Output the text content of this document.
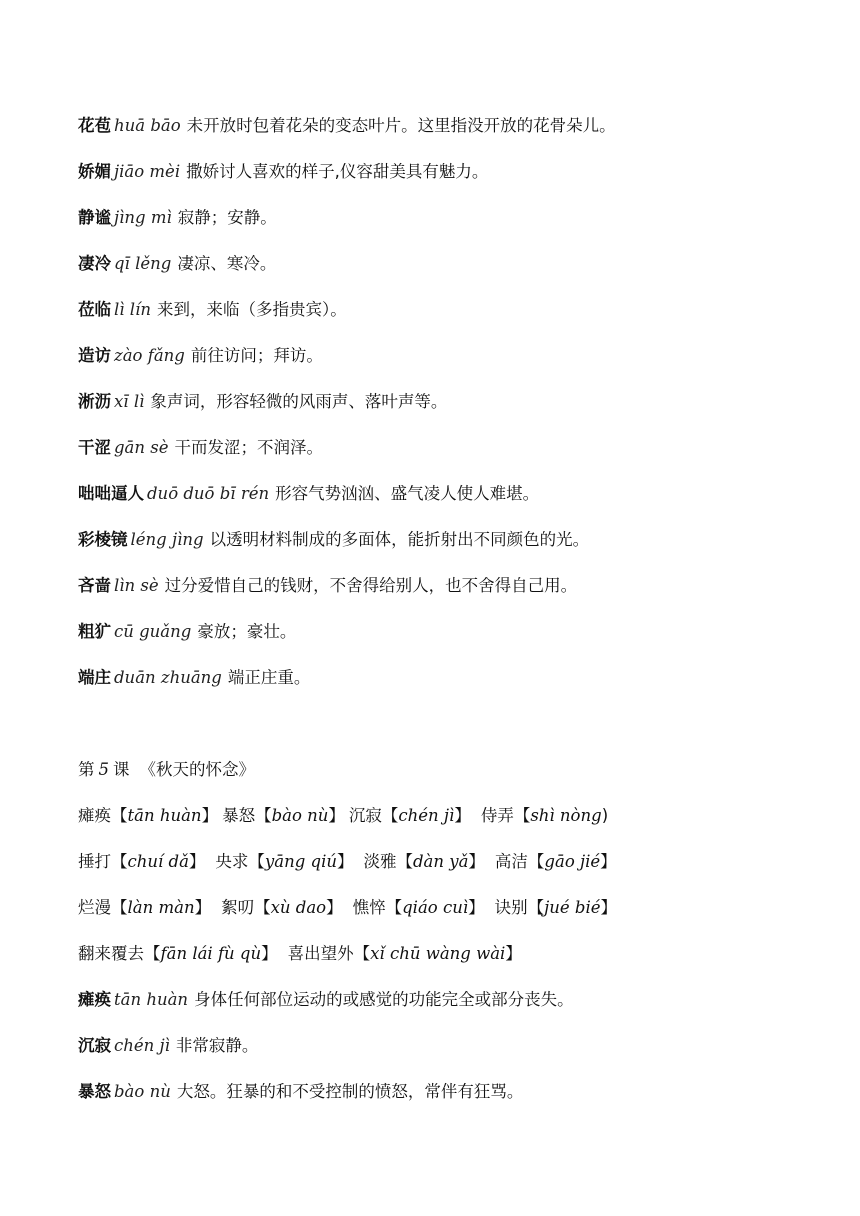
花苞 huā bāo 未开放时包着花朵的变态叶片。这里指没开放的花骨朵儿。
娇媚 jiāo mèi 撒娇讨人喜欢的样子,仪容甜美具有魅力。
静谧 jìng mì 寂静；安静。
凄冷 qī lěng 凄凉、寒冷。
莅临 lì lín 来到，来临（多指贵宾）。
造访 zào fǎng 前往访问；拜访。
淅沥 xī lì 象声词，形容轻微的风雨声、落叶声等。
干涩 gān sè 干而发涩；不润泽。
咄咄逼人 duō duō bī rén 形容气势汹汹、盛气凌人使人难堪。
彩棱镜 léng jìng 以透明材料制成的多面体，能折射出不同颜色的光。
吝啬 lìn sè 过分爱惜自己的钱财，不舍得给别人，也不舍得自己用。
粗犷 cū guǎng 豪放；豪壮。
端庄 duān zhuāng 端正庄重。
第 5 课 《秋天的怀念》
瘫痪【tān huàn】 暴怒【bào nù】 沉寂【chén jì】 侍弄【shì nòng)
捶打【chuí dǎ】 央求【yāng qiú】 淡雅【dàn yǎ】 高洁【gāo jié】
烂漫【làn màn】 絮叨【xù dao】 憔悴【qiáo cuì】 诀别【jué bié】
翻来覆去【fān lái fù qù】 喜出望外【xǐ chū wàng wài】
瘫痪 tān huàn 身体任何部位运动的或感觉的功能完全或部分丧失。
沉寂 chén jì 非常寂静。
暴怒 bào nù 大怒。狂暴的和不受控制的愤怒，常伴有狂骂。
